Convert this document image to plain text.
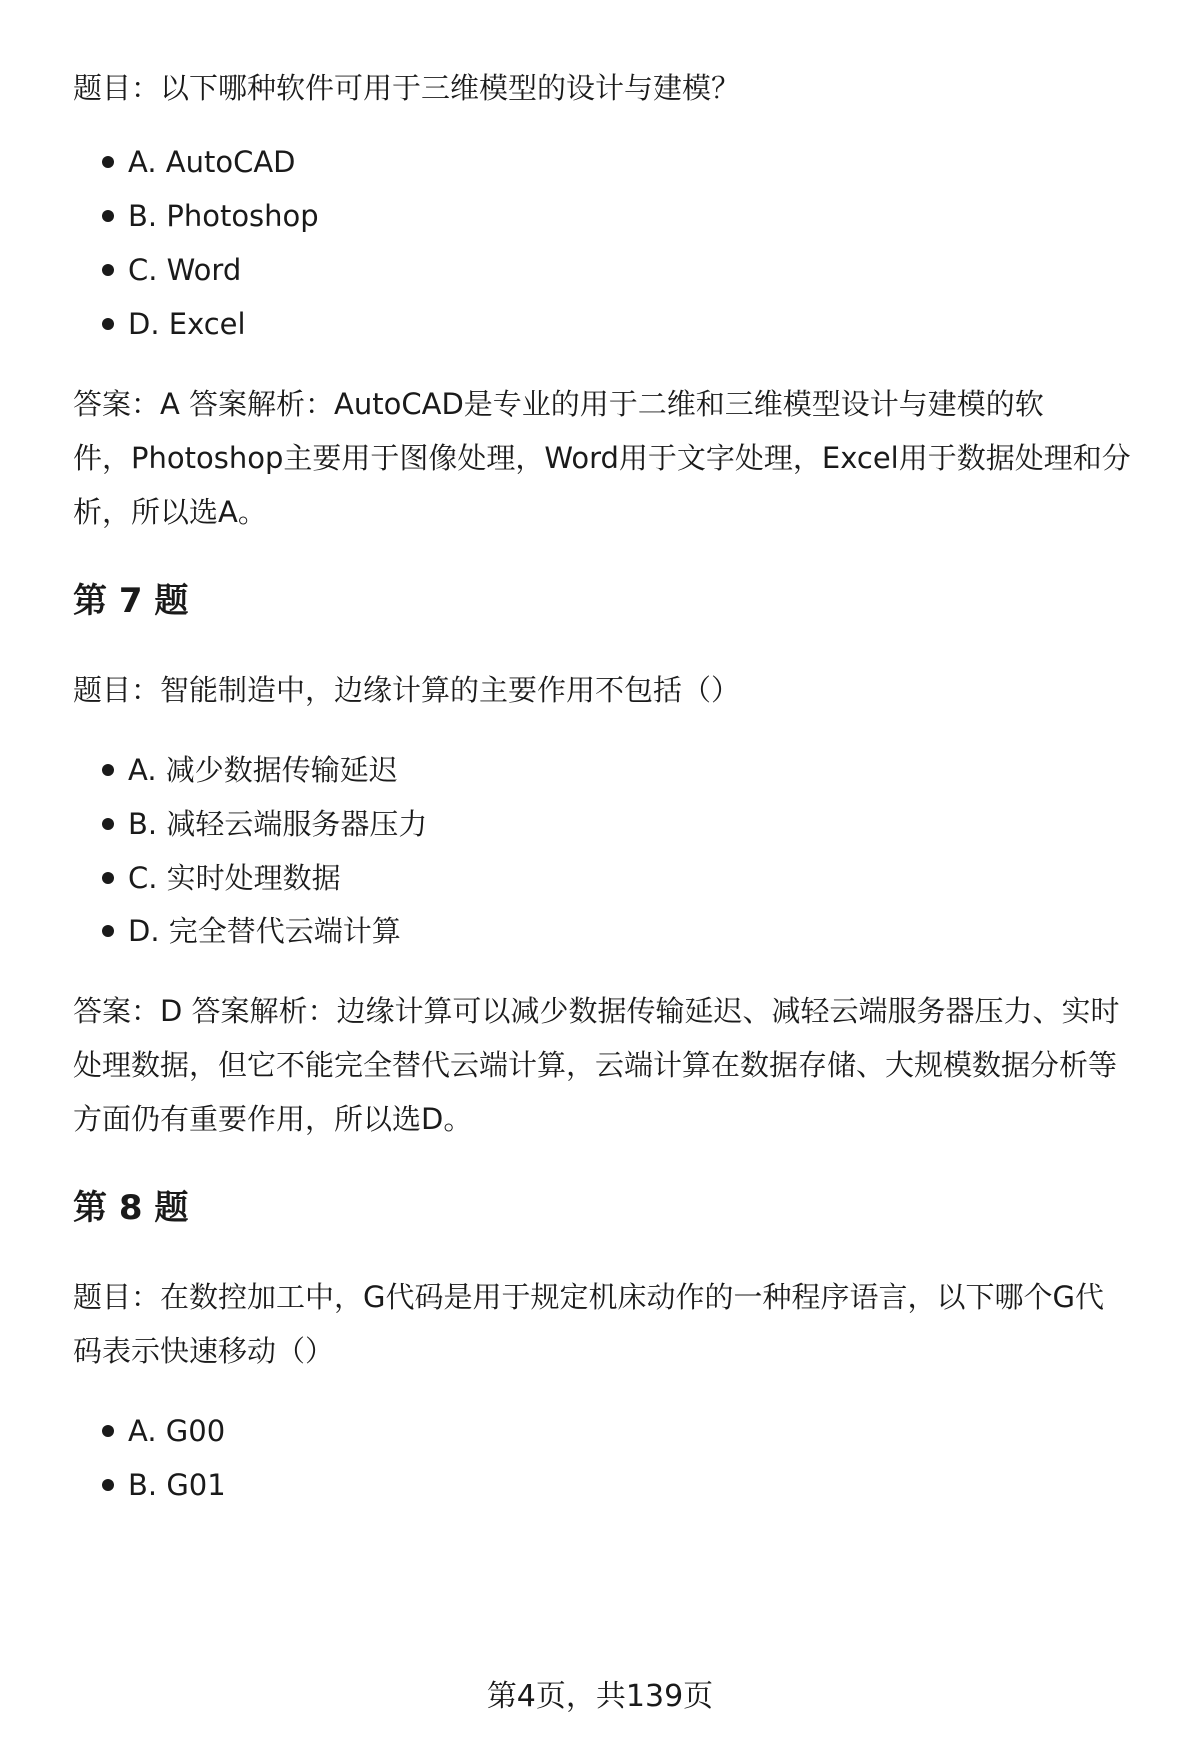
题目：以下哪种软件可用于三维模型的设计与建模？
A. AutoCAD
B. Photoshop
C. Word
D. Excel
答案：A 答案解析：AutoCAD是专业的用于二维和三维模型设计与建模的软
件，Photoshop主要用于图像处理，Word用于文字处理，Excel用于数据处理和分
析，所以选A。
第 7 题
题目：智能制造中，边缘计算的主要作用不包括（）
A. 减少数据传输延迟
B. 减轻云端服务器压力
C. 实时处理数据
D. 完全替代云端计算
答案：D 答案解析：边缘计算可以减少数据传输延迟、减轻云端服务器压力、实时
处理数据，但它不能完全替代云端计算，云端计算在数据存储、大规模数据分析等
方面仍有重要作用，所以选D。
第 8 题
题目：在数控加工中，G代码是用于规定机床动作的一种程序语言，以下哪个G代
码表示快速移动（）
A. G00
B. G01
第4页，共139页
